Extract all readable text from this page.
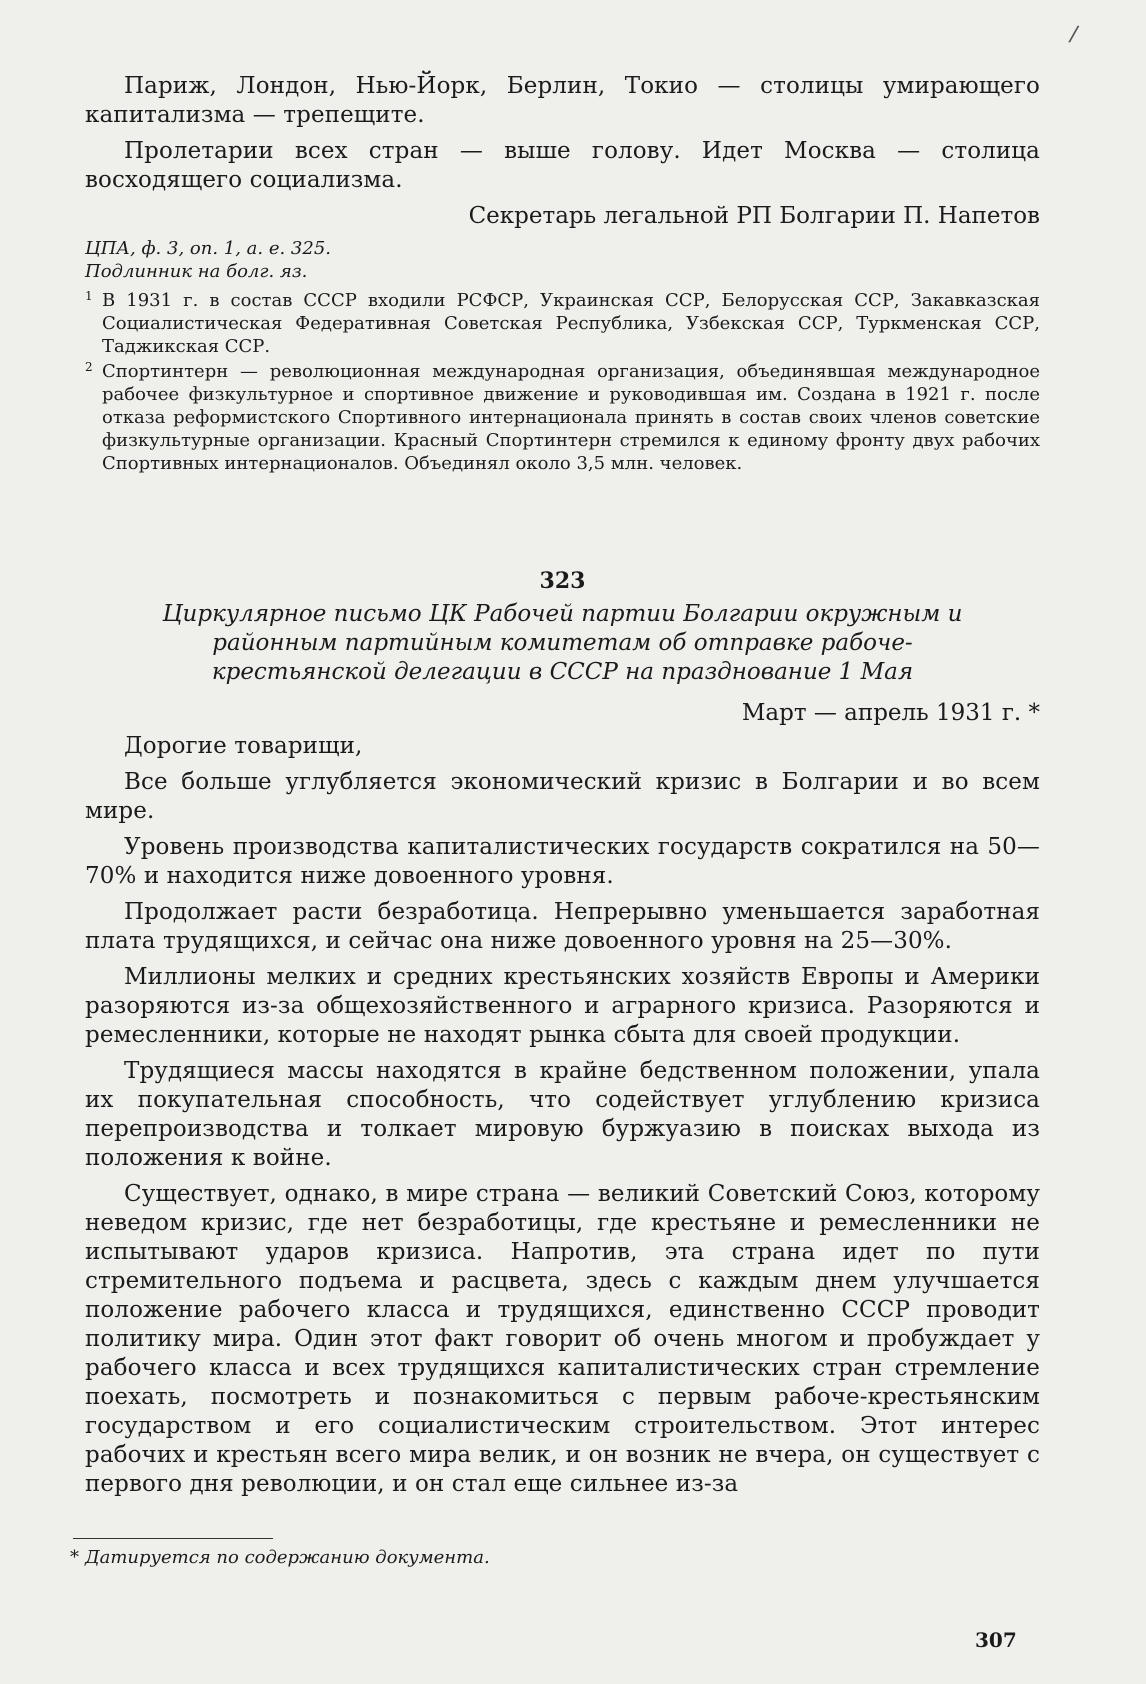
/

Париж, Лондон, Нью-Йорк, Берлин, Токио — столицы умирающего капитализма — трепещите.

Пролетарии всех стран — выше голову. Идет Москва — столица восходящего социализма.

Секретарь легальной РП Болгарии П. Напетов

ЦПА, ф. 3, оп. 1, а. е. 325.

Подлинник на болг. яз.

1 В 1931 г. в состав СССР входили РСФСР, Украинская ССР, Белорусская ССР, Закавказская Социалистическая Федеративная Советская Республика, Узбекская ССР, Туркменская ССР, Таджикская ССР.

2 Спортинтерн — революционная международная организация, объединявшая международное рабочее физкультурное и спортивное движение и руководившая им. Создана в 1921 г. после отказа реформистского Спортивного интернационала принять в состав своих членов советские физкультурные организации. Красный Спортинтерн стремился к единому фронту двух рабочих Спортивных интернационалов. Объединял около 3,5 млн. человек.

323

Циркулярное письмо ЦК Рабочей партии Болгарии окружным и районным партийным комитетам об отправке рабоче-крестьянской делегации в СССР на празднование 1 Мая

Март — апрель 1931 г. *

Дорогие товарищи,

Все больше углубляется экономический кризис в Болгарии и во всем мире.

Уровень производства капиталистических государств сократился на 50—70% и находится ниже довоенного уровня.

Продолжает расти безработица. Непрерывно уменьшается заработная плата трудящихся, и сейчас она ниже довоенного уровня на 25—30%.

Миллионы мелких и средних крестьянских хозяйств Европы и Америки разоряются из-за общехозяйственного и аграрного кризиса. Разоряются и ремесленники, которые не находят рынка сбыта для своей продукции.

Трудящиеся массы находятся в крайне бедственном положении, упала их покупательная способность, что содействует углублению кризиса перепроизводства и толкает мировую буржуазию в поисках выхода из положения к войне.

Существует, однако, в мире страна — великий Советский Союз, которому неведом кризис, где нет безработицы, где крестьяне и ремесленники не испытывают ударов кризиса. Напротив, эта страна идет по пути стремительного подъема и расцвета, здесь с каждым днем улучшается положение рабочего класса и трудящихся, единственно СССР проводит политику мира. Один этот факт говорит об очень многом и пробуждает у рабочего класса и всех трудящихся капиталистических стран стремление поехать, посмотреть и познакомиться с первым рабоче-крестьянским государством и его социалистическим строительством. Этот интерес рабочих и крестьян всего мира велик, и он возник не вчера, он существует с первого дня революции, и он стал еще сильнее из-за

* Датируется по содержанию документа.

307
